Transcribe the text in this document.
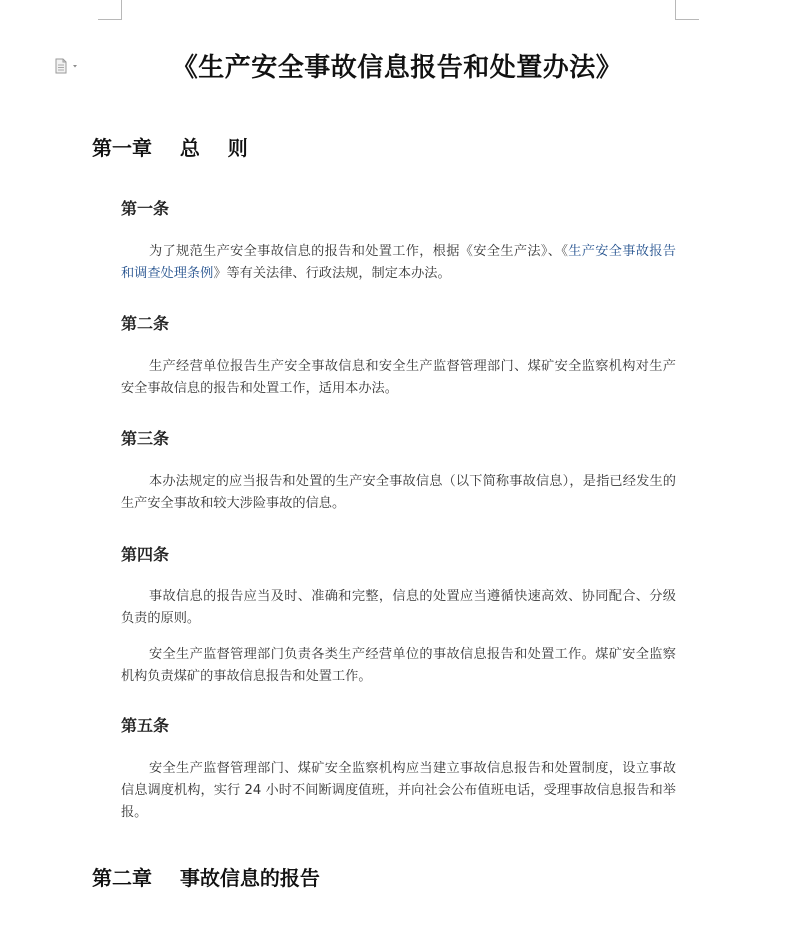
《生产安全事故信息报告和处置办法》
第一章    总    则
第一条

为了规范生产安全事故信息的报告和处置工作，根据《安全生产法》、《生产安全事故报告和调查处理条例》等有关法律、行政法规，制定本办法。

第二条

生产经营单位报告生产安全事故信息和安全生产监督管理部门、煤矿安全监察机构对生产安全事故信息的报告和处置工作，适用本办法。

第三条

本办法规定的应当报告和处置的生产安全事故信息（以下简称事故信息），是指已经发生的生产安全事故和较大涉险事故的信息。

第四条

事故信息的报告应当及时、准确和完整，信息的处置应当遵循快速高效、协同配合、分级负责的原则。

安全生产监督管理部门负责各类生产经营单位的事故信息报告和处置工作。煤矿安全监察机构负责煤矿的事故信息报告和处置工作。

第五条

安全生产监督管理部门、煤矿安全监察机构应当建立事故信息报告和处置制度，设立事故信息调度机构，实行 24 小时不间断调度值班，并向社会公布值班电话，受理事故信息报告和举报。

第二章    事故信息的报告
